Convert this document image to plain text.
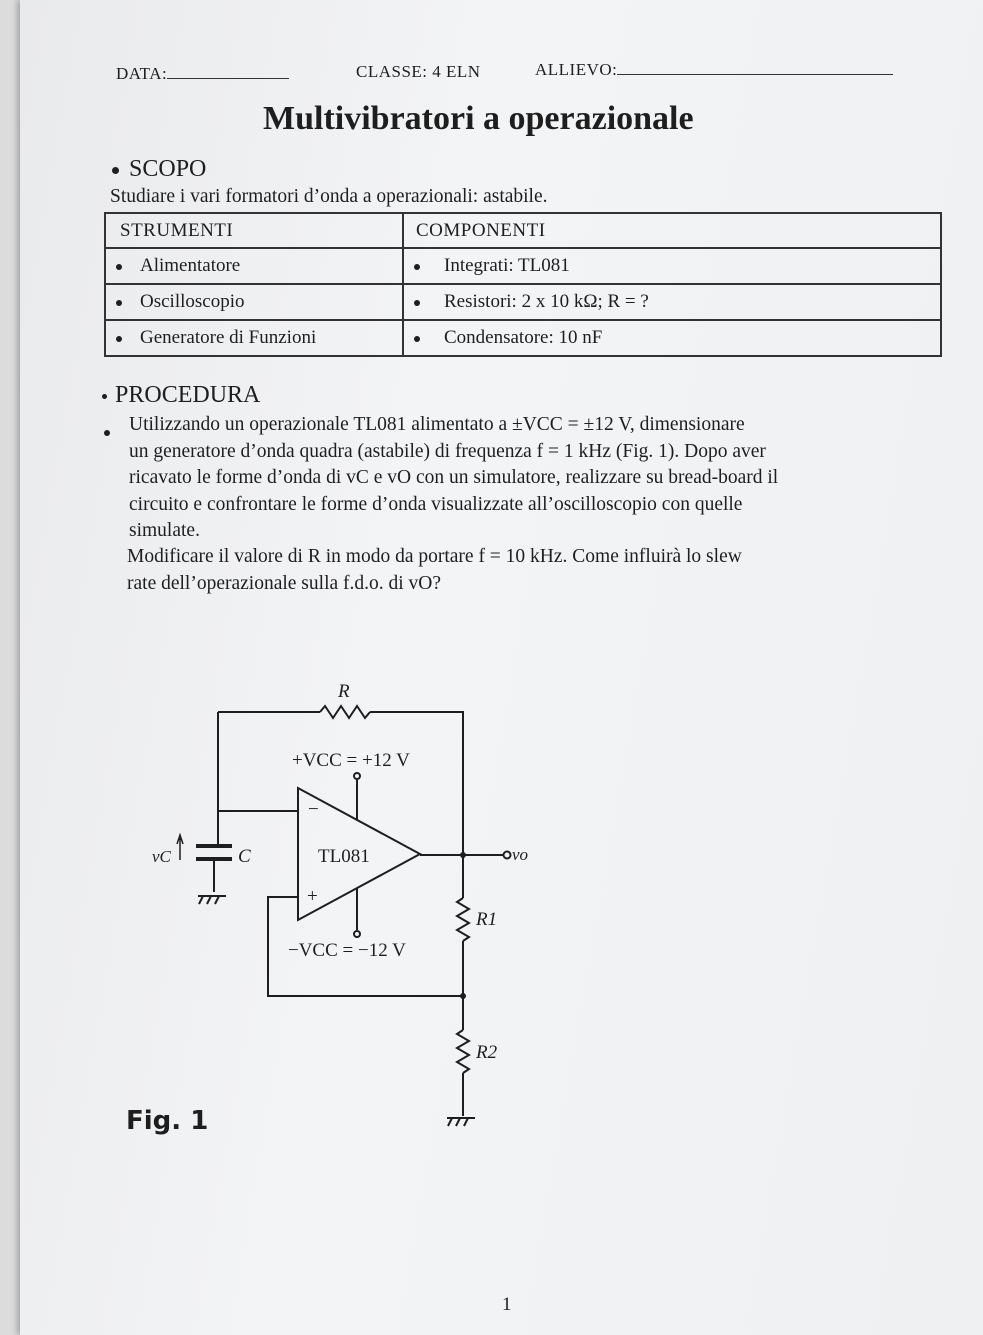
DATA:	CLASSE: 4 ELN	ALLIEVO:
Multivibratori a operazionale
SCOPO
Studiare i vari formatori d’onda a operazionali: astabile.
STRUMENTI	COMPONENTI
Alimentatore	Integrati: TL081
Oscilloscopio	Resistori: 2 x 10 kΩ; R = ?
Generatore di Funzioni	Condensatore: 10 nF
PROCEDURA
Utilizzando un operazionale TL081 alimentato a ±VCC = ±12 V, dimensionare
un generatore d’onda quadra (astabile) di frequenza f = 1 kHz (Fig. 1). Dopo aver
ricavato le forme d’onda di vC e vO con un simulatore, realizzare su bread-board il
circuito e confrontare le forme d’onda visualizzate all’oscilloscopio con quelle
simulate.
Modificare il valore di R in modo da portare f = 10 kHz. Come influirà lo slew
rate dell’operazionale sulla f.d.o. di vO?
R
+VCC = +12 V
−
+
TL081
C
vC	vo
−VCC = −12 V
R1
R2
Fig. 1
1
